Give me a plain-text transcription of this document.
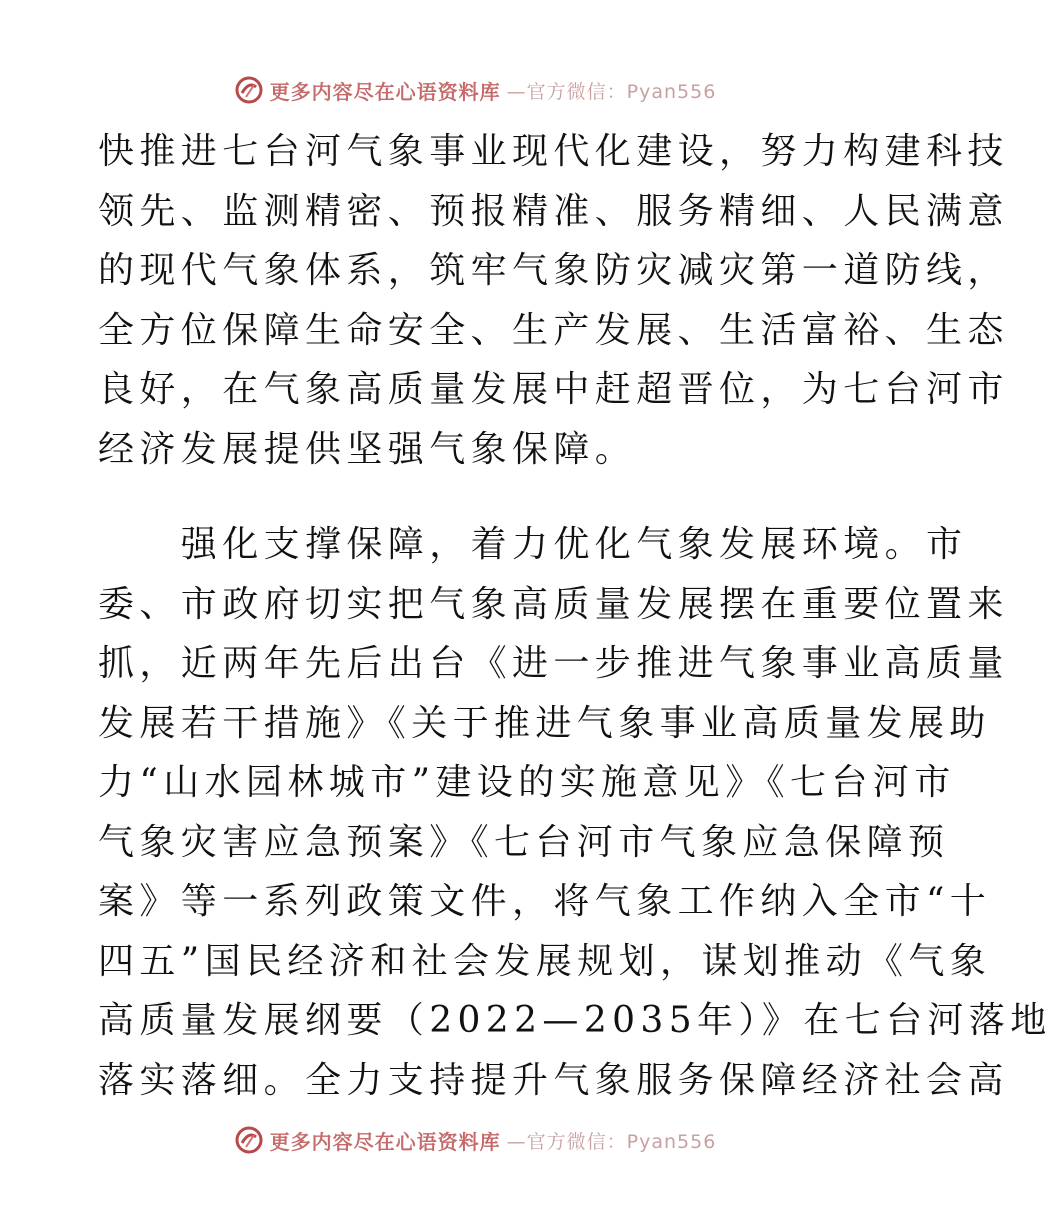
更多内容尽在心语资料库 —官方微信：Pyan556
快推进七台河气象事业现代化建设，努力构建科技
领先、监测精密、预报精准、服务精细、人民满意
的现代气象体系，筑牢气象防灾减灾第一道防线，
全方位保障生命安全、生产发展、生活富裕、生态
良好，在气象高质量发展中赶超晋位，为七台河市
经济发展提供坚强气象保障。
　　强化支撑保障，着力优化气象发展环境。市
委、市政府切实把气象高质量发展摆在重要位置来
抓，近两年先后出台《进一步推进气象事业高质量
发展若干措施》《关于推进气象事业高质量发展助
力“山水园林城市”建设的实施意见》《七台河市
气象灾害应急预案》《七台河市气象应急保障预
案》等一系列政策文件，将气象工作纳入全市“十
四五”国民经济和社会发展规划，谋划推动《气象
高质量发展纲要（2022—2035年）》在七台河落地
落实落细。全力支持提升气象服务保障经济社会高
更多内容尽在心语资料库 —官方微信：Pyan556
